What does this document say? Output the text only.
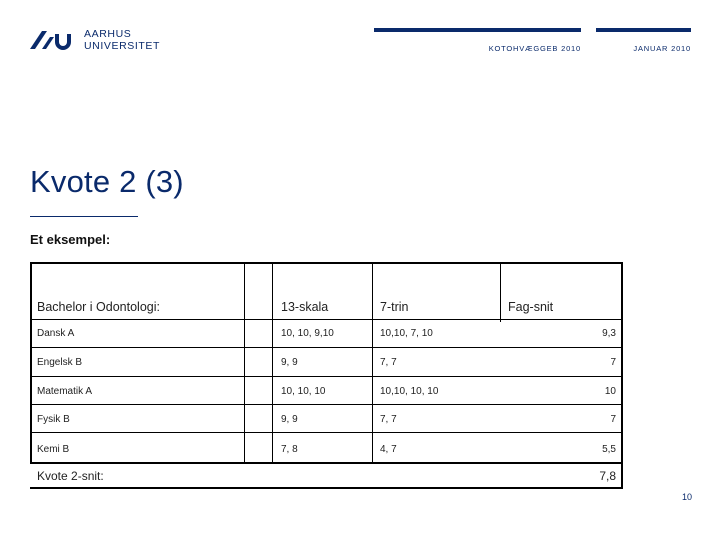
AARHUS
UNIVERSITET	KOTOHVÆGGEB 2010	JANUAR 2010
Kvote 2 (3)
Et eksempel:
Bachelor i Odontologi:	13-skala	7-trin	Fag-snit
Dansk A	10, 10, 9,10	10,10, 7, 10	9,3
Engelsk B	9, 9	7, 7	7
Matematik A	10, 10, 10	10,10, 10, 10	10
Fysik B	9, 9	7, 7	7
Kemi B	7, 8	4, 7	5,5
Kvote 2-snit:	7,8
10
